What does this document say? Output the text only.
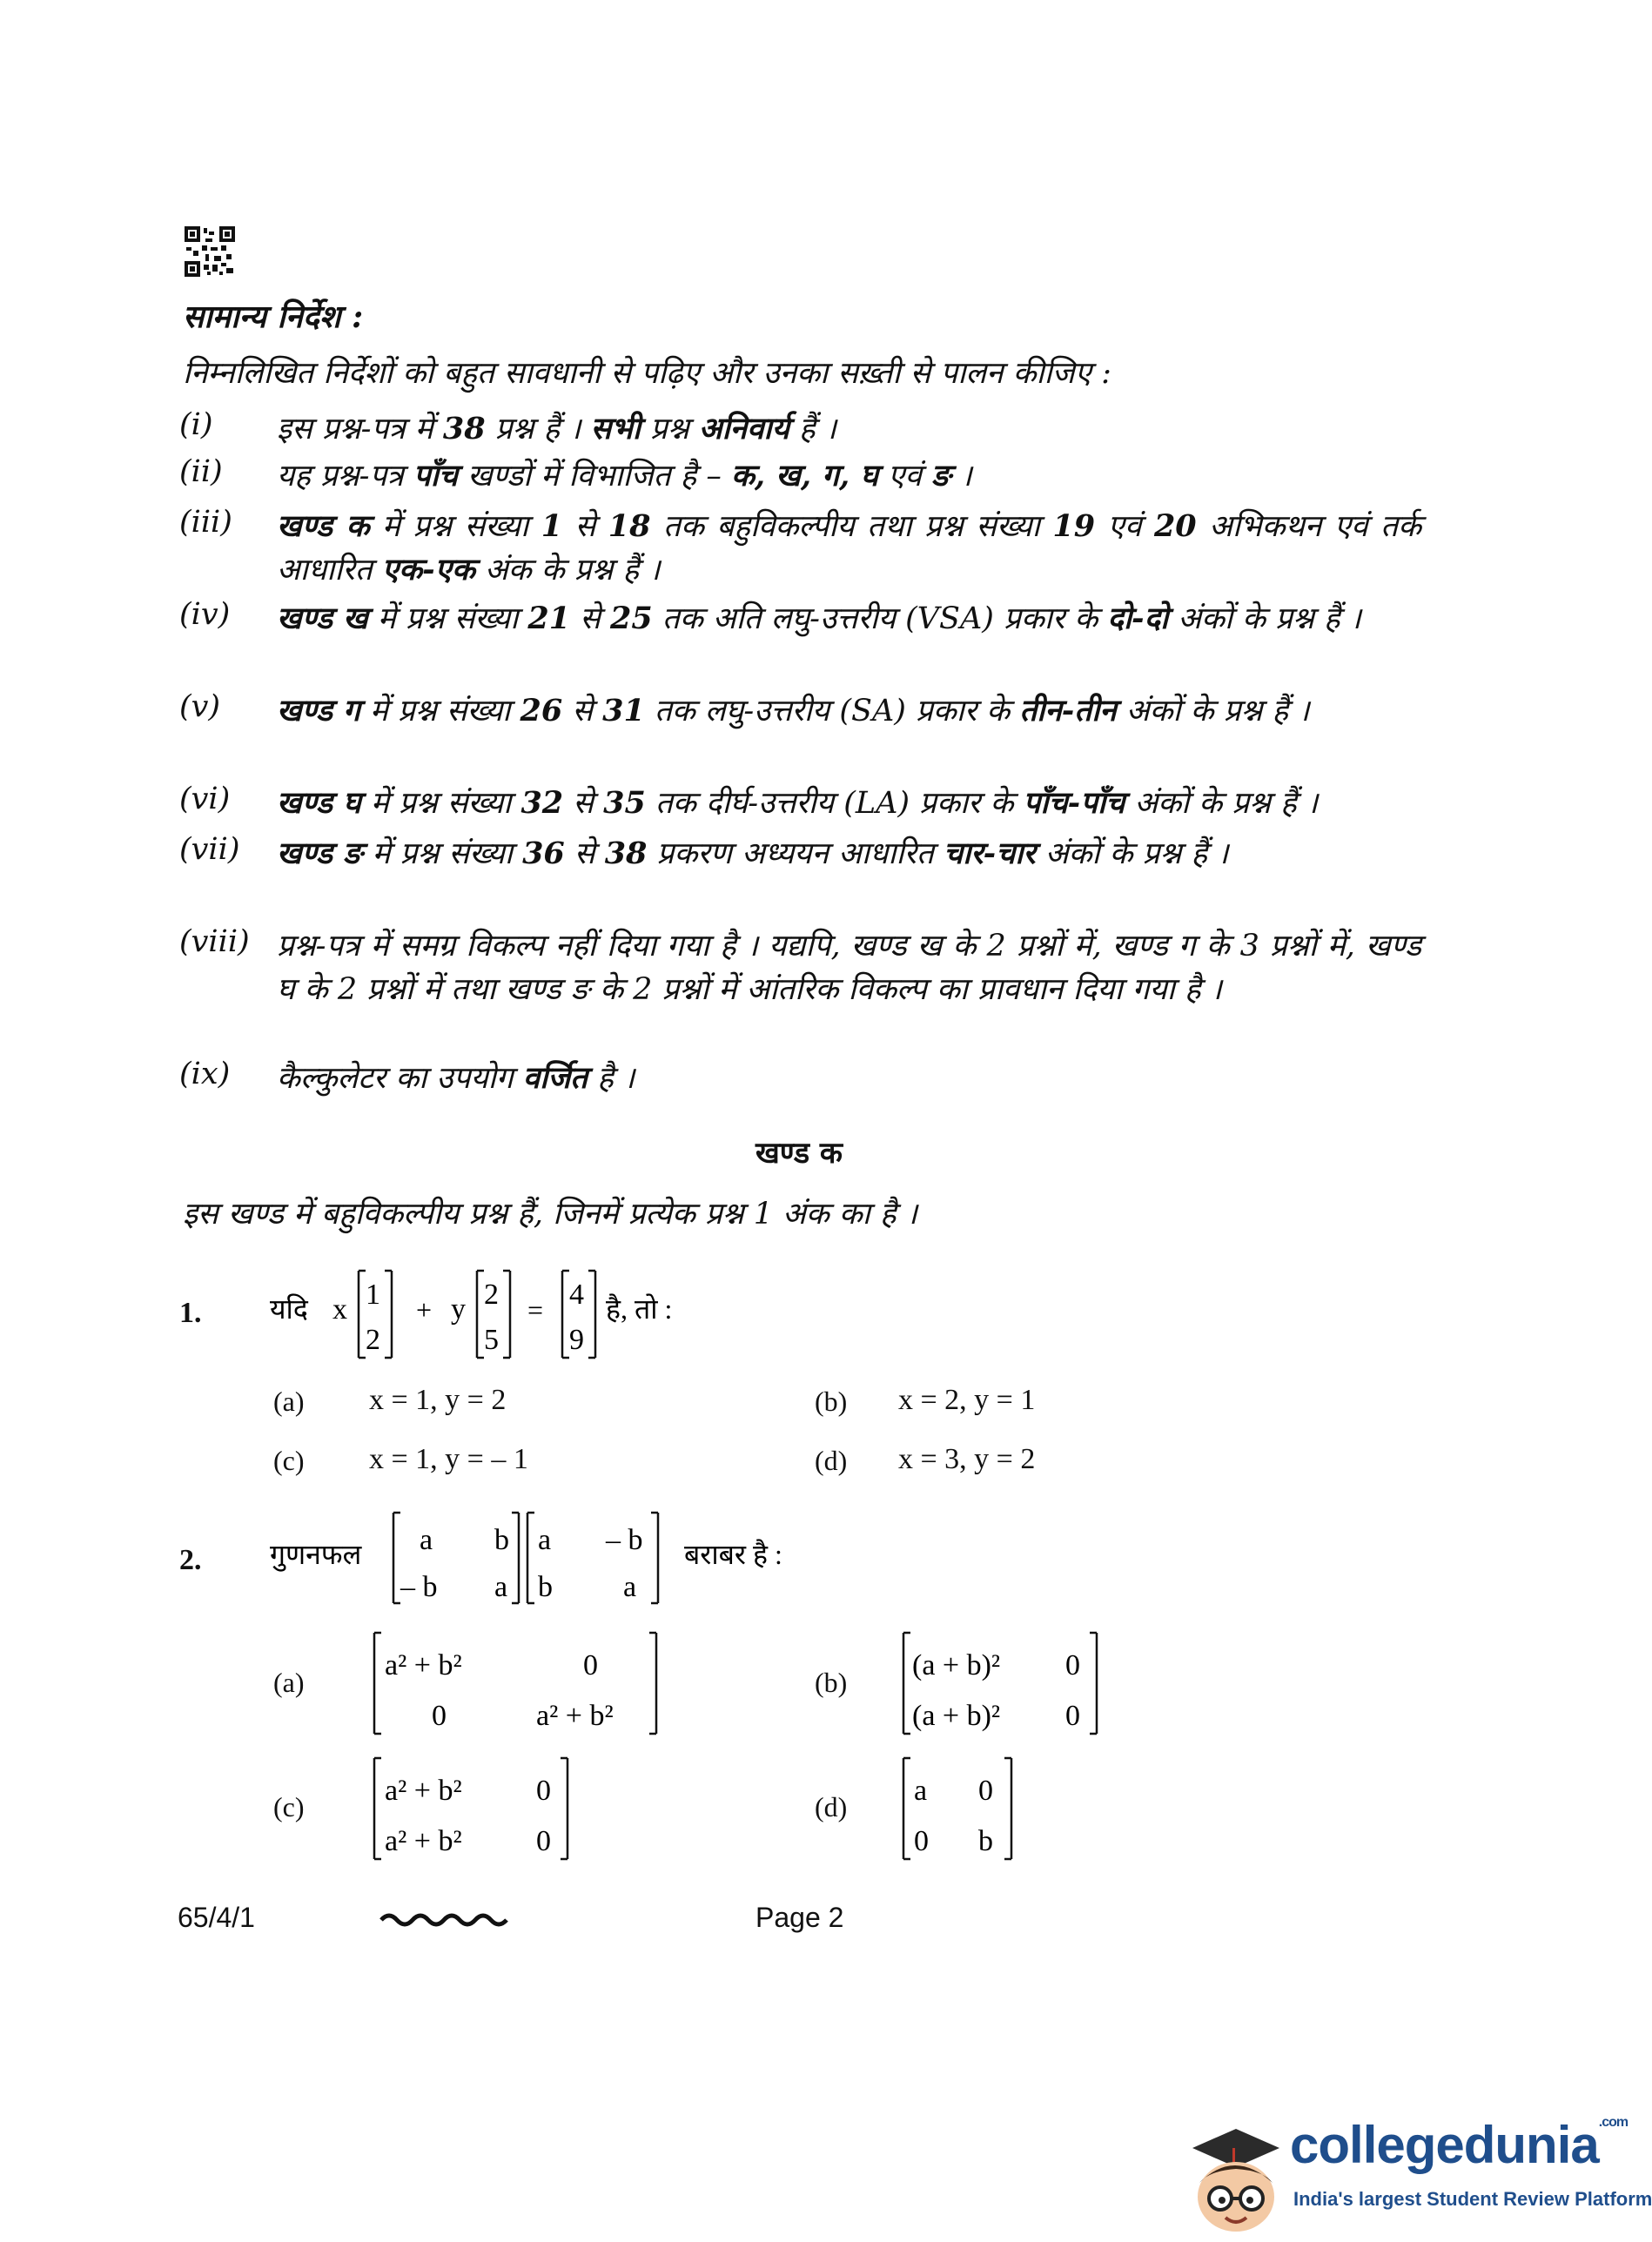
सामान्य निर्देश :
निम्नलिखित निर्देशों को बहुत सावधानी से पढ़िए और उनका सख़्ती से पालन कीजिए :
(i) इस प्रश्न-पत्र में 38 प्रश्न हैं । सभी प्रश्न अनिवार्य हैं ।
(ii) यह प्रश्न-पत्र पाँच खण्डों में विभाजित है – क, ख, ग, घ एवं ङ ।
(iii) खण्ड क में प्रश्न संख्या 1 से 18 तक बहुविकल्पीय तथा प्रश्न संख्या 19 एवं 20 अभिकथन एवं तर्क आधारित एक-एक अंक के प्रश्न हैं ।
(iv) खण्ड ख में प्रश्न संख्या 21 से 25 तक अति लघु-उत्तरीय (VSA) प्रकार के दो-दो अंकों के प्रश्न हैं ।
(v) खण्ड ग में प्रश्न संख्या 26 से 31 तक लघु-उत्तरीय (SA) प्रकार के तीन-तीन अंकों के प्रश्न हैं ।
(vi) खण्ड घ में प्रश्न संख्या 32 से 35 तक दीर्घ-उत्तरीय (LA) प्रकार के पाँच-पाँच अंकों के प्रश्न हैं ।
(vii) खण्ड ङ में प्रश्न संख्या 36 से 38 प्रकरण अध्ययन आधारित चार-चार अंकों के प्रश्न हैं ।
(viii) प्रश्न-पत्र में समग्र विकल्प नहीं दिया गया है । यद्यपि, खण्ड ख के 2 प्रश्नों में, खण्ड ग के 3 प्रश्नों में, खण्ड घ के 2 प्रश्नों में तथा खण्ड ङ के 2 प्रश्नों में आंतरिक विकल्प का प्रावधान दिया गया है ।
(ix) कैल्कुलेटर का उपयोग वर्जित है ।
खण्ड क
इस खण्ड में बहुविकल्पीय प्रश्न हैं, जिनमें प्रत्येक प्रश्न 1 अंक का है ।
1. यदि x 1
2
+ y 2
5
= 4
9
है, तो :
(a) x = 1, y = 2	(b) x = 2, y = 1
(c) x = 1, y = – 1	(d) x = 3, y = 2
2. गुणनफल a b
– b a
a – b
b a
बराबर है :
(a)
a² + b²	0
0	a² + b²
(b)
(a + b)² 0
(a + b)² 0
(c)	a² + b²	0
a² + b²	0
(d) a 0
0 b
65/4/1	Page 2
collegedunia$^{.com}$
India's largest Student Review Platform
